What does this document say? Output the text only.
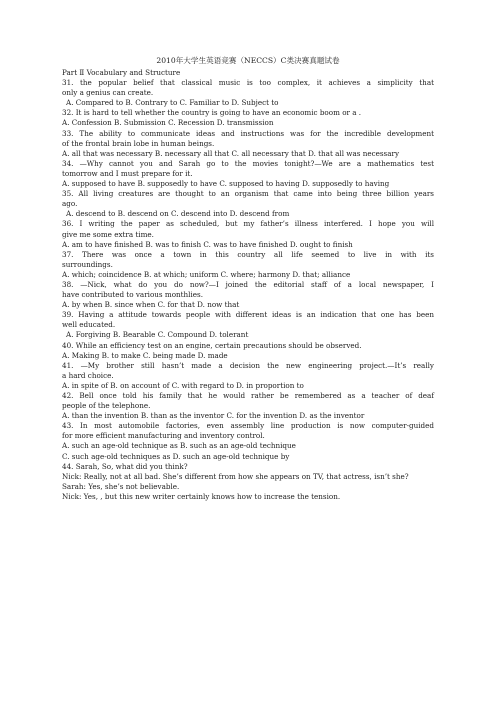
2010年大学生英语竞赛（NECCS）C类决赛真题试卷
Part Ⅱ Vocabulary and Structure
31. the popular belief that classical music is too complex, it achieves a simplicity that
only a genius can create.
A. Compared to B. Contrary to C. Familiar to D. Subject to
32. It is hard to tell whether the country is going to have an economic boom or a .
A. Confession B. Submission C. Recession D. transmission
33. The ability to communicate ideas and instructions was for the incredible development
of the frontal brain lobe in human beings.
A. all that was necessary B. necessary all that C. all necessary that D. that all was necessary
34. —Why cannot you and Sarah go to the movies tonight?—We are a mathematics test
tomorrow and I must prepare for it.
A. supposed to have B. supposedly to have C. supposed to having D. supposedly to having
35. All living creatures are thought to an organism that came into being three billion years
ago.
A. descend to B. descend on C. descend into D. descend from
36. I writing the paper as scheduled, but my father’s illness interfered. I hope you will
give me some extra time.
A. am to have finished B. was to finish C. was to have finished D. ought to finish
37. There was once a town in this country all life seemed to live in with its
surroundings.
A. which; coincidence B. at which; uniform C. where; harmony D. that; alliance
38. —Nick, what do you do now?—I joined the editorial staff of a local newspaper, I
have contributed to various monthlies.
A. by when B. since when C. for that D. now that
39. Having a attitude towards people with different ideas is an indication that one has been
well educated.
A. Forgiving B. Bearable C. Compound D. tolerant
40. While an efficiency test on an engine, certain precautions should be observed.
A. Making B. to make C. being made D. made
41. —My brother still hasn’t made a decision the new engineering project.—It’s really
a hard choice.
A. in spite of B. on account of C. with regard to D. in proportion to
42. Bell once told his family that he would rather be remembered as a teacher of deaf
people of the telephone.
A. than the invention B. than as the inventor C. for the invention D. as the inventor
43. In most automobile factories, even assembly line production is now computer-guided
for more efficient manufacturing and inventory control.
A. such an age-old technique as B. such as an age-old technique
C. such age-old techniques as D. such an age-old technique by
44. Sarah, So, what did you think?
Nick: Really, not at all bad. She’s different from how she appears on TV, that actress, isn’t she?
Sarah: Yes, she’s not believable.
Nick: Yes, , but this new writer certainly knows how to increase the tension.
